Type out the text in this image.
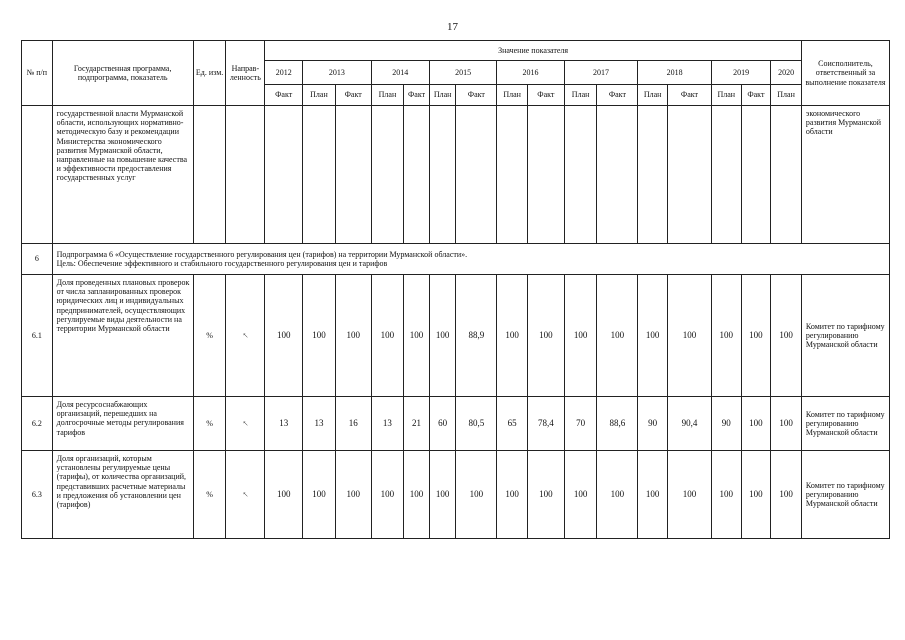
17
№ п/п	Государственная программа, подпрограмма, показатель	Ед. изм.	Направ- ленность	Значение показателя																Соисполнитель, ответственный за выполнение показателя
				2012	2013		2014		2015		2016		2017		2018		2019		2020	
				Факт	План	Факт	План	Факт	План	Факт	План	Факт	План	Факт	План	Факт	План	Факт	План	
	государственной власти Мурманской области, использующих нормативно-методическую базу и рекомендации Министерства экономического развития Мурманской области, направленные на повышение качества и эффективности предоставления государственных услуг																			экономического развития Мурманской области
6	Подпрограмма 6 «Осуществление государственного регулирования цен (тарифов) на территории Мурманской области».
Цель: Обеспечение эффективного и стабильного государственного регулирования цен и тарифов																			

6.1	Доля проведенных плановых проверок от числа запланированных проверок юридических лиц и индивидуальных предпринимателей, осуществляющих регулируемые виды деятельности на территории Мурманской области	%	↑	100	100	100	100	100	100	88,9	100	100	100	100	100	100	100	100	100	Комитет по тарифному регулированию Мурманской области
6.2	Доля ресурсоснабжающих организаций, перешедших на долгосрочные методы регулирования тарифов	%	↑	13	13	16	13	21	60	80,5	65	78,4	70	88,6	90	90,4	90	100	100	Комитет по тарифному регулированию Мурманской области
6.3	Доля организаций, которым установлены регулируемые цены (тарифы), от количества организаций, представивших расчетные материалы и предложения об установлении цен (тарифов)	%	↑	100	100	100	100	100	100	100	100	100	100	100	100	100	100	100	100	Комитет по тарифному регулированию Мурманской области
